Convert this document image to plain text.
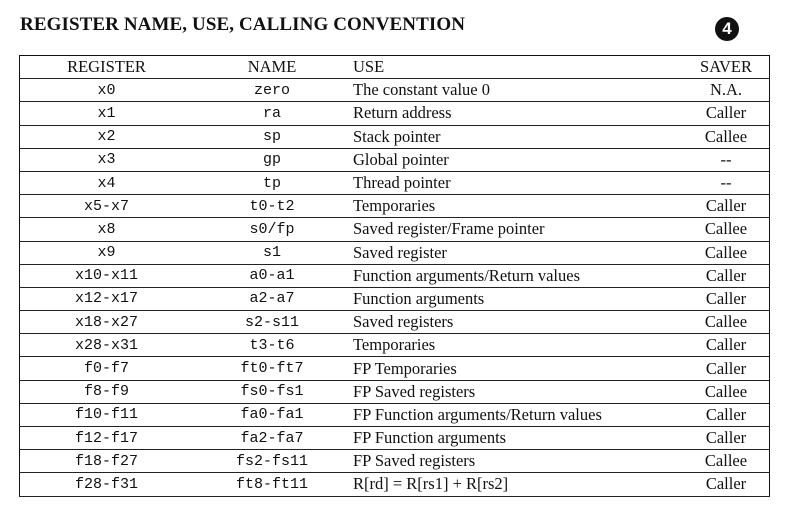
REGISTER NAME, USE, CALLING CONVENTION	4
REGISTER	NAME	USE	SAVER
x0	zero	The constant value 0	N.A.
x1	ra	Return address	Caller
x2	sp	Stack pointer	Callee
x3	gp	Global pointer	--
x4	tp	Thread pointer	--
x5-x7	t0-t2	Temporaries	Caller
x8	s0/fp	Saved register/Frame pointer	Callee
x9	s1	Saved register	Callee
x10-x11	a0-a1	Function arguments/Return values	Caller
x12-x17	a2-a7	Function arguments	Caller
x18-x27	s2-s11	Saved registers	Callee
x28-x31	t3-t6	Temporaries	Caller
f0-f7	ft0-ft7	FP Temporaries	Caller
f8-f9	fs0-fs1	FP Saved registers	Callee
f10-f11	fa0-fa1	FP Function arguments/Return values	Caller
f12-f17	fa2-fa7	FP Function arguments	Caller
f18-f27	fs2-fs11	FP Saved registers	Callee
f28-f31	ft8-ft11	R[rd] = R[rs1] + R[rs2]	Caller
